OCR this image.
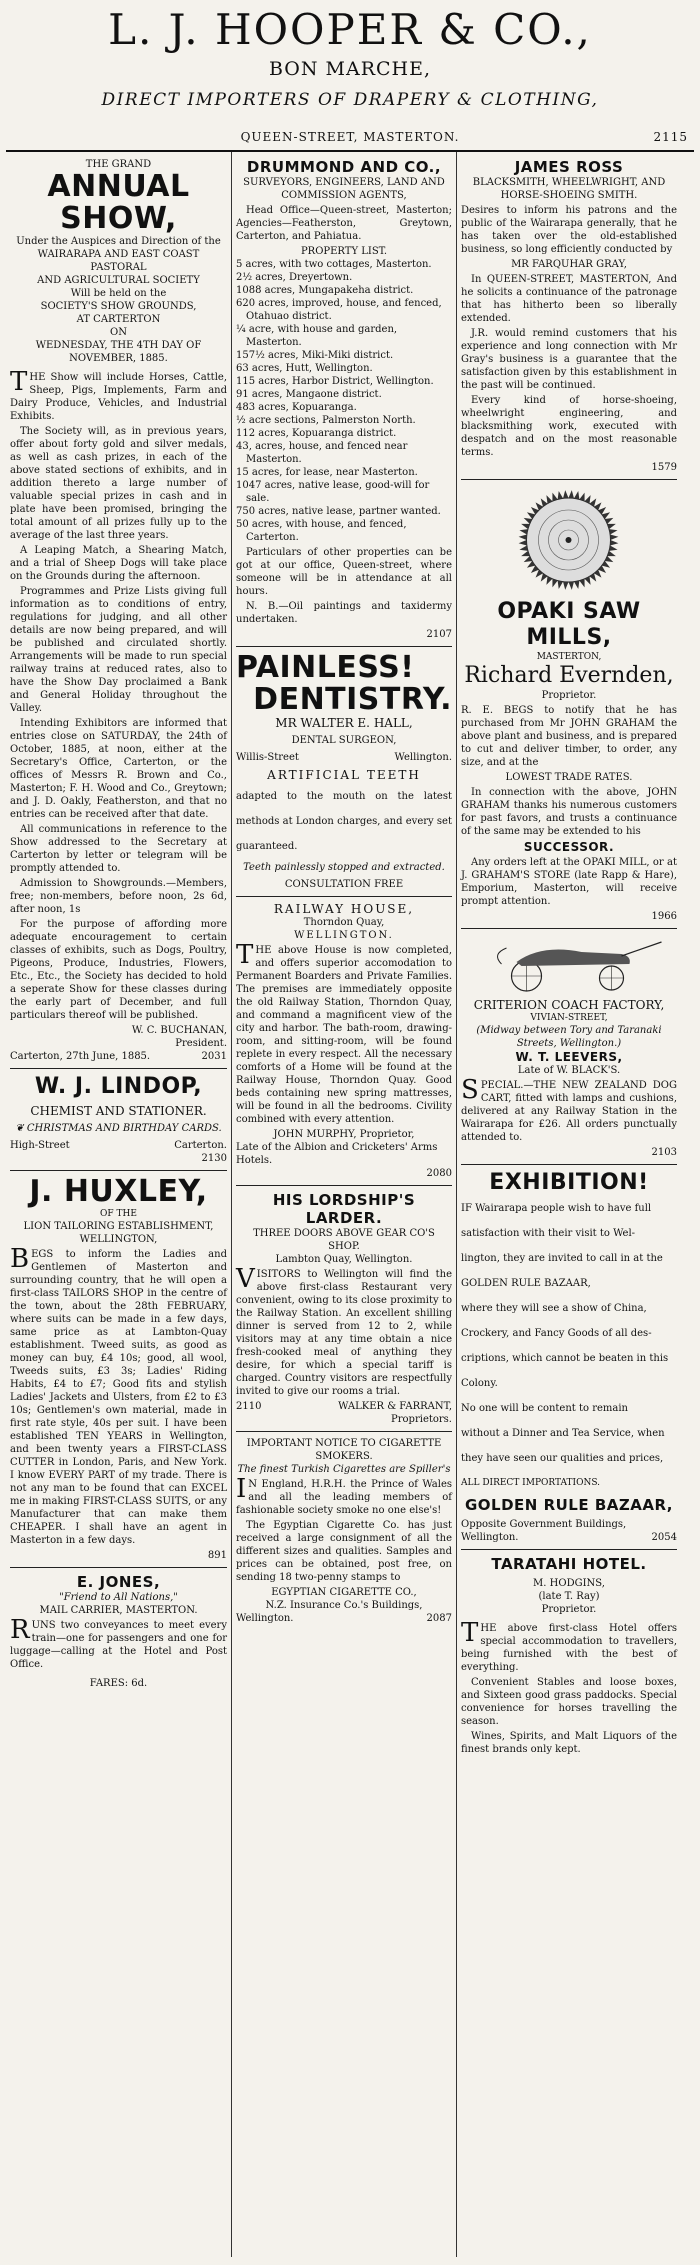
L. J. HOOPER & CO.,
BON MARCHE,
DIRECT IMPORTERS OF DRAPERY & CLOTHING,
QUEEN-STREET, MASTERTON.	2115
THE GRAND
ANNUAL SHOW,
Under the Auspices and Direction of the
WAIRARAPA AND EAST COAST PASTORAL
AND AGRICULTURAL SOCIETY
Will be held on the
SOCIETY'S SHOW GROUNDS,
AT CARTERTON
ON
WEDNESDAY, THE 4TH DAY OF
NOVEMBER, 1885.

THE Show will include Horses, Cattle, Sheep, Pigs, Implements, Farm and Dairy Produce, Vehicles, and Industrial Exhibits.

The Society will, as in previous years, offer about forty gold and silver medals, as well as cash prizes, in each of the above stated sections of exhibits, and in addition thereto a large number of valuable special prizes in cash and in plate have been promised, bringing the total amount of all prizes fully up to the average of the last three years.

A Leaping Match, a Shearing Match, and a trial of Sheep Dogs will take place on the Grounds during the afternoon.

Programmes and Prize Lists giving full information as to conditions of entry, regulations for judging, and all other details are now being prepared, and will be published and circulated shortly. Arrangements will be made to run special railway trains at reduced rates, also to have the Show Day proclaimed a Bank and General Holiday throughout the Valley.

Intending Exhibitors are informed that entries close on SATURDAY, the 24th of October, 1885, at noon, either at the Secretary's Office, Carterton, or the offices of Messrs R. Brown and Co., Masterton; F. H. Wood and Co., Greytown; and J. D. Oakly, Featherston, and that no entries can be received after that date.

All communications in reference to the Show addressed to the Secretary at Carterton by letter or telegram will be promptly attended to.

Admission to Showgrounds.—Members, free; non-members, before noon, 2s 6d, after noon, 1s

For the purpose of affording more adequate encouragement to certain classes of exhibits, such as Dogs, Poultry, Pigeons, Produce, Industries, Flowers, Etc., Etc., the Society has decided to hold a seperate Show for these classes during the early part of December, and full particulars thereof will be published.

W. C. BUCHANAN,
President.
Carterton, 27th June, 1885.	2031
W. J. LINDOP,
CHEMIST AND STATIONER.
❦ CHRISTMAS AND BIRTHDAY CARDS.
High-Street	Carterton.
2130
J. HUXLEY,
OF THE
LION TAILORING ESTABLISHMENT, WELLINGTON,

BEGS to inform the Ladies and Gentlemen of Masterton and surrounding country, that he will open a first-class TAILORS SHOP in the centre of the town, about the 28th FEBRUARY, where suits can be made in a few days, same price as at Lambton-Quay establishment. Tweed suits, as good as money can buy, £4 10s; good, all wool, Tweeds suits, £3 3s; Ladies' Riding Habits, £4 to £7; Good fits and stylish Ladies' Jackets and Ulsters, from £2 to £3 10s; Gentlemen's own material, made in first rate style, 40s per suit. I have been established TEN YEARS in Wellington, and been twenty years a FIRST-CLASS CUTTER in London, Paris, and New York. I know EVERY PART of my trade. There is not any man to be found that can EXCEL me in making FIRST-CLASS SUITS, or any Manufacturer that can make them CHEAPER. I shall have an agent in Masterton in a few days.

891
E. JONES,
"Friend to All Nations,"
MAIL CARRIER, MASTERTON.

RUNS two conveyances to meet every train—one for passengers and one for luggage—calling at the Hotel and Post Office.

FARES: 6d.
DRUMMOND AND CO.,
SURVEYORS, ENGINEERS, LAND AND COMMISSION AGENTS,

Head Office—Queen-street, Masterton; Agencies—Featherston, Greytown, Carterton, and Pahiatua.

PROPERTY LIST.
5 acres, with two cottages, Masterton.
2½ acres, Dreyertown.
1088 acres, Mungapakeha district.
620 acres, improved, house, and fenced, Otahuao district.
¼ acre, with house and garden, Masterton.
157½ acres, Miki-Miki district.
63 acres, Hutt, Wellington.
115 acres, Harbor District, Wellington.
91 acres, Mangaone district.
483 acres, Kopuaranga.
½ acre sections, Palmerston North.
112 acres, Kopuaranga district.
43, acres, house, and fenced near Masterton.
15 acres, for lease, near Masterton.
1047 acres, native lease, good-will for sale.
750 acres, native lease, partner wanted.
50 acres, with house, and fenced, Carterton.

Particulars of other properties can be got at our office, Queen-street, where someone will be in attendance at all hours.

N. B.—Oil paintings and taxidermy undertaken.

2107
PAINLESS!
DENTISTRY.
MR WALTER E. HALL,
DENTAL SURGEON,
Willis-Street	Wellington.
ARTIFICIAL TEETH

adapted to the mouth on the latest methods at London charges, and every set guaranteed.

Teeth painlessly stopped and extracted.
CONSULTATION FREE
RAILWAY HOUSE,
Thorndon Quay,
WELLINGTON.

THE above House is now completed, and offers superior accomodation to Permanent Boarders and Private Families. The premises are immediately opposite the old Railway Station, Thorndon Quay, and command a magnificent view of the city and harbor. The bath-room, drawing-room, and sitting-room, will be found replete in every respect. All the necessary comforts of a Home will be found at the Railway House, Thorndon Quay. Good beds containing new spring mattresses, will be found in all the bedrooms. Civility combined with every attention.

JOHN MURPHY, Proprietor,
Late of the Albion and Cricketers' Arms Hotels.
2080
HIS LORDSHIP'S LARDER.
THREE DOORS ABOVE GEAR CO'S SHOP.
Lambton Quay, Wellington.

VISITORS to Wellington will find the above first-class Restaurant very convenient, owing to its close proximity to the Railway Station. An excellent shilling dinner is served from 12 to 2, while visitors may at any time obtain a nice fresh-cooked meal of anything they desire, for which a special tariff is charged. Country visitors are respectfully invited to give our rooms a trial.

2110	WALKER & FARRANT,
Proprietors.
IMPORTANT NOTICE TO CIGARETTE SMOKERS.
The finest Turkish Cigarettes are Spiller's

IN England, H.R.H. the Prince of Wales and all the leading members of fashionable society smoke no one else's!

The Egyptian Cigarette Co. has just received a large consignment of all the different sizes and qualities. Samples and prices can be obtained, post free, on sending 18 two-penny stamps to

EGYPTIAN CIGARETTE CO.,
N.Z. Insurance Co.'s Buildings,
Wellington.	2087
JAMES ROSS
BLACKSMITH, WHEELWRIGHT, AND HORSE-SHOEING SMITH.

Desires to inform his patrons and the public of the Wairarapa generally, that he has taken over the old-established business, so long efficiently conducted by

MR FARQUHAR GRAY,

In QUEEN-STREET, MASTERTON, And he solicits a continuance of the patronage that has hitherto been so liberally extended.

J.R. would remind customers that his experience and long connection with Mr Gray's business is a guarantee that the satisfaction given by this establishment in the past will be continued.

Every kind of horse-shoeing, wheelwright engineering, and blacksmithing work, executed with despatch and on the most reasonable terms.

1579
OPAKI SAW MILLS,
MASTERTON,
Richard Evernden,
Proprietor.

R. E. BEGS to notify that he has purchased from Mr JOHN GRAHAM the above plant and business, and is prepared to cut and deliver timber, to order, any size, and at the

LOWEST TRADE RATES.

In connection with the above, JOHN GRAHAM thanks his numerous customers for past favors, and trusts a continuance of the same may be extended to his

SUCCESSOR.

Any orders left at the OPAKI MILL, or at J. GRAHAM'S STORE (late Rapp & Hare), Emporium, Masterton, will receive prompt attention.

1966
CRITERION COACH FACTORY,
VIVIAN-STREET,
(Midway between Tory and Taranaki Streets, Wellington.)
W. T. LEEVERS,
Late of W. BLACK'S.

SPECIAL.—THE NEW ZEALAND DOG CART, fitted with lamps and cushions, delivered at any Railway Station in the Wairarapa for £26. All orders punctually attended to.

2103
EXHIBITION!
IF Wairarapa people wish to have full
satisfaction with their visit to Wel-
lington, they are invited to call in at the
GOLDEN RULE BAZAAR,
where they will see a show of China,
Crockery, and Fancy Goods of all des-
criptions, which cannot be beaten in this
Colony.
No one will be content to remain
without a Dinner and Tea Service, when
they have seen our qualities and prices,
ALL DIRECT IMPORTATIONS.
GOLDEN RULE BAZAAR,
Opposite Government Buildings,
Wellington.	2054
TARATAHI HOTEL.
M. HODGINS,
(late T. Ray)
Proprietor.

THE above first-class Hotel offers special accommodation to travellers, being furnished with the best of everything.

Convenient Stables and loose boxes, and Sixteen good grass paddocks. Special convenience for horses travelling the season.

Wines, Spirits, and Malt Liquors of the finest brands only kept.
